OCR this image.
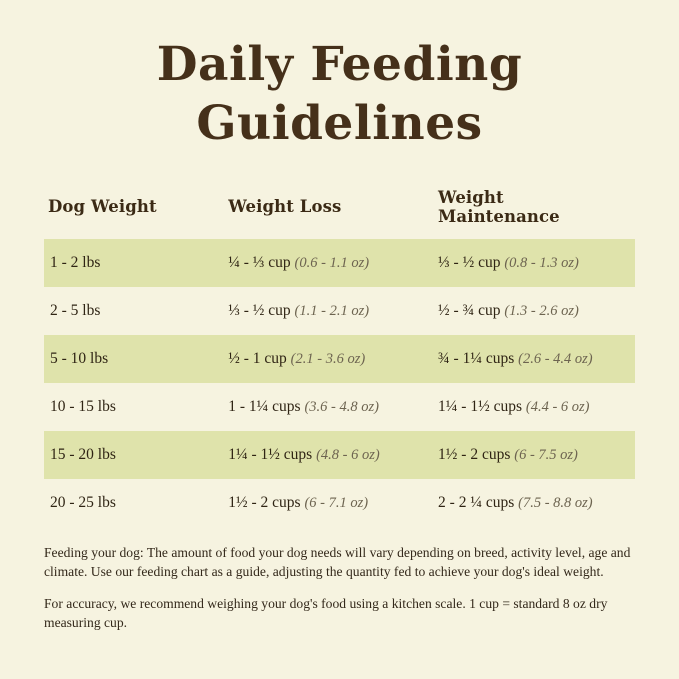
Daily Feeding
Guidelines
Dog Weight	Weight Loss	Weight Maintenance
1 - 2 lbs	¼ - ⅓ cup (0.6 - 1.1 oz)	⅓ - ½ cup (0.8 - 1.3 oz)
2 - 5 lbs	⅓ - ½ cup (1.1 - 2.1 oz)	½ - ¾ cup (1.3 - 2.6 oz)
5 - 10 lbs	½ - 1 cup (2.1 - 3.6 oz)	¾ - 1¼ cups (2.6 - 4.4 oz)
10 - 15 lbs	1 - 1¼ cups (3.6 - 4.8 oz)	1¼ - 1½ cups (4.4 - 6 oz)
15 - 20 lbs	1¼ - 1½ cups (4.8 - 6 oz)	1½ - 2 cups (6 - 7.5 oz)
20 - 25 lbs	1½ - 2 cups (6 - 7.1 oz)	2 - 2 ¼ cups (7.5 - 8.8 oz)

Feeding your dog: The amount of food your dog needs will vary depending on breed, activity level, age and climate. Use our feeding chart as a guide, adjusting the quantity fed to achieve your dog's ideal weight.

For accuracy, we recommend weighing your dog's food using a kitchen scale. 1 cup = standard 8 oz dry measuring cup.
